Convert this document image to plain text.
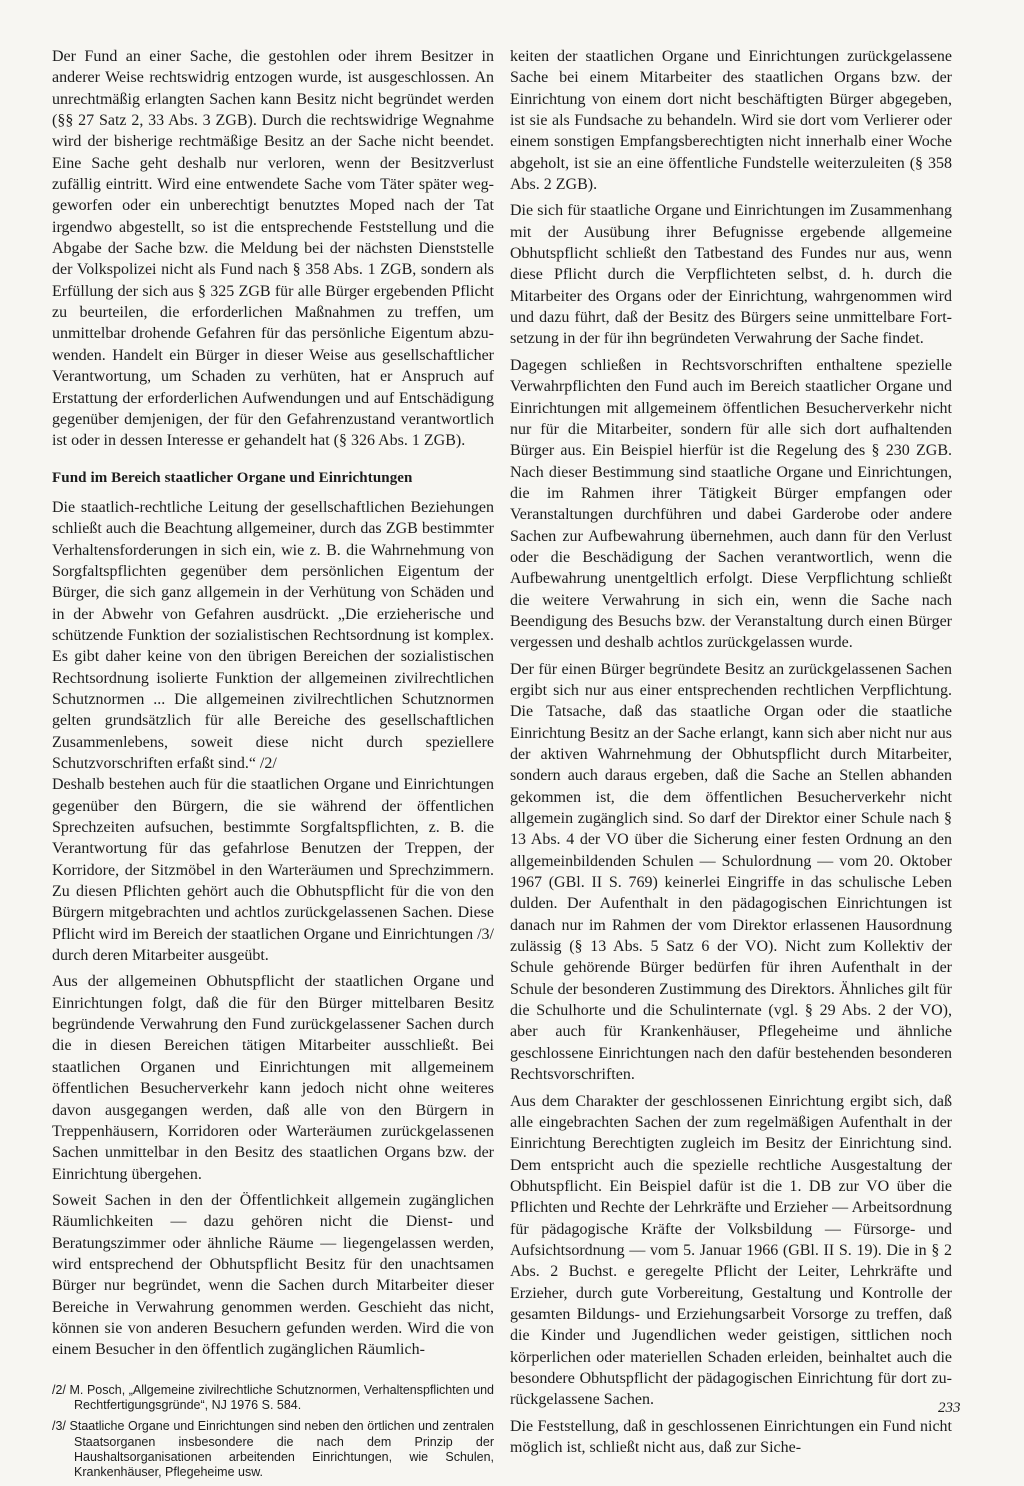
Der Fund an einer Sache, die gestohlen oder ihrem Besitzer in anderer Weise rechtswidrig entzogen wurde, ist ausgeschlossen. An unrechtmäßig erlangten Sachen kann Besitz nicht begründet werden (§§ 27 Satz 2, 33 Abs. 3 ZGB). Durch die rechtswidrige Wegnahme wird der bisherige rechtmäßige Besitz an der Sache nicht beendet. Eine Sache geht deshalb nur verloren, wenn der Besitzverlust zufällig eintritt. Wird eine entwendete Sache vom Täter später weggeworfen oder ein unberechtigt benutztes Moped nach der Tat irgendwo abgestellt, so ist die entsprechende Feststellung und die Abgabe der Sache bzw. die Meldung bei der nächsten Dienststelle der Volkspolizei nicht als Fund nach § 358 Abs. 1 ZGB, sondern als Erfüllung der sich aus § 325 ZGB für alle Bürger ergebenden Pflicht zu beurteilen, die erforderlichen Maßnahmen zu treffen, um unmittelbar drohende Gefahren für das persönliche Eigentum abzuwenden. Handelt ein Bürger in dieser Weise aus gesellschaftlicher Verantwortung, um Schaden zu verhüten, hat er Anspruch auf Erstattung der erforderlichen Aufwendungen und auf Entschädigung gegenüber demjenigen, der für den Gefahrenzustand verantwortlich ist oder in dessen Interesse er gehandelt hat (§ 326 Abs. 1 ZGB).

Fund im Bereich staatlicher Organe und Einrichtungen

Die staatlich-rechtliche Leitung der gesellschaftlichen Beziehungen schließt auch die Beachtung allgemeiner, durch das ZGB bestimmter Verhaltensforderungen in sich ein, wie z. B. die Wahrnehmung von Sorgfaltspflichten gegenüber dem persönlichen Eigentum der Bürger, die sich ganz allgemein in der Verhütung von Schäden und in der Abwehr von Gefahren ausdrückt. „Die erzieherische und schützende Funktion der sozialistischen Rechtsordnung ist komplex. Es gibt daher keine von den übrigen Bereichen der sozialistischen Rechtsordnung isolierte Funktion der allgemeinen zivilrechtlichen Schutznormen ... Die allgemeinen zivilrechtlichen Schutznormen gelten grundsätzlich für alle Bereiche des gesellschaftlichen Zusammenlebens, soweit diese nicht durch speziellere Schutzvorschriften erfaßt sind.“ /2/

Deshalb bestehen auch für die staatlichen Organe und Einrichtungen gegenüber den Bürgern, die sie während der öffentlichen Sprechzeiten aufsuchen, bestimmte Sorgfaltspflichten, z. B. die Verantwortung für das gefahrlose Benutzen der Treppen, der Korridore, der Sitzmöbel in den Warteräumen und Sprechzimmern. Zu diesen Pflichten gehört auch die Obhutspflicht für die von den Bürgern mitgebrachten und achtlos zurückgelassenen Sachen. Diese Pflicht wird im Bereich der staatlichen Organe und Einrichtungen /3/ durch deren Mitarbeiter ausgeübt.

Aus der allgemeinen Obhutspflicht der staatlichen Organe und Einrichtungen folgt, daß die für den Bürger mittelbaren Besitz begründende Verwahrung den Fund zurückgelassener Sachen durch die in diesen Bereichen tätigen Mitarbeiter ausschließt. Bei staatlichen Organen und Einrichtungen mit allgemeinem öffentlichen Besucherverkehr kann jedoch nicht ohne weiteres davon ausgegangen werden, daß alle von den Bürgern in Treppenhäusern, Korridoren oder Warteräumen zurückgelassenen Sachen unmittelbar in den Besitz des staatlichen Organs bzw. der Einrichtung übergehen.

Soweit Sachen in den der Öffentlichkeit allgemein zugänglichen Räumlichkeiten — dazu gehören nicht die Dienst- und Beratungszimmer oder ähnliche Räume — liegengelassen werden, wird entsprechend der Obhutspflicht Besitz für den unachtsamen Bürger nur begründet, wenn die Sachen durch Mitarbeiter dieser Bereiche in Verwahrung genommen werden. Geschieht das nicht, können sie von anderen Besuchern gefunden werden. Wird die von einem Besucher in den öffentlich zugänglichen Räumlich-

/2/ M. Posch, „Allgemeine zivilrechtliche Schutznormen, Verhaltenspflichten und Rechtfertigungsgründe“, NJ 1976 S. 584.

/3/ Staatliche Organe und Einrichtungen sind neben den örtlichen und zentralen Staatsorganen insbesondere die nach dem Prinzip der Haushaltsorganisationen arbeitenden Einrichtungen, wie Schulen, Krankenhäuser, Pflegeheime usw.

keiten der staatlichen Organe und Einrichtungen zurückgelassene Sache bei einem Mitarbeiter des staatlichen Organs bzw. der Einrichtung von einem dort nicht beschäftigten Bürger abgegeben, ist sie als Fundsache zu behandeln. Wird sie dort vom Verlierer oder einem sonstigen Empfangsberechtigten nicht innerhalb einer Woche abgeholt, ist sie an eine öffentliche Fundstelle weiterzuleiten (§ 358 Abs. 2 ZGB).

Die sich für staatliche Organe und Einrichtungen im Zusammenhang mit der Ausübung ihrer Befugnisse ergebende allgemeine Obhutspflicht schließt den Tatbestand des Fundes nur aus, wenn diese Pflicht durch die Verpflichteten selbst, d. h. durch die Mitarbeiter des Organs oder der Einrichtung, wahrgenommen wird und dazu führt, daß der Besitz des Bürgers seine unmittelbare Fortsetzung in der für ihn begründeten Verwahrung der Sache findet.

Dagegen schließen in Rechtsvorschriften enthaltene spezielle Verwahrpflichten den Fund auch im Bereich staatlicher Organe und Einrichtungen mit allgemeinem öffentlichen Besucherverkehr nicht nur für die Mitarbeiter, sondern für alle sich dort aufhaltenden Bürger aus. Ein Beispiel hierfür ist die Regelung des § 230 ZGB. Nach dieser Bestimmung sind staatliche Organe und Einrichtungen, die im Rahmen ihrer Tätigkeit Bürger empfangen oder Veranstaltungen durchführen und dabei Garderobe oder andere Sachen zur Aufbewahrung übernehmen, auch dann für den Verlust oder die Beschädigung der Sachen verantwortlich, wenn die Aufbewahrung unentgeltlich erfolgt. Diese Verpflichtung schließt die weitere Verwahrung in sich ein, wenn die Sache nach Beendigung des Besuchs bzw. der Veranstaltung durch einen Bürger vergessen und deshalb achtlos zurückgelassen wurde.

Der für einen Bürger begründete Besitz an zurückgelassenen Sachen ergibt sich nur aus einer entsprechenden rechtlichen Verpflichtung. Die Tatsache, daß das staatliche Organ oder die staatliche Einrichtung Besitz an der Sache erlangt, kann sich aber nicht nur aus der aktiven Wahrnehmung der Obhutspflicht durch Mitarbeiter, sondern auch daraus ergeben, daß die Sache an Stellen abhanden gekommen ist, die dem öffentlichen Besucherverkehr nicht allgemein zugänglich sind. So darf der Direktor einer Schule nach § 13 Abs. 4 der VO über die Sicherung einer festen Ordnung an den allgemeinbildenden Schulen — Schulordnung — vom 20. Oktober 1967 (GBl. II S. 769) keinerlei Eingriffe in das schulische Leben dulden. Der Aufenthalt in den pädagogischen Einrichtungen ist danach nur im Rahmen der vom Direktor erlassenen Hausordnung zulässig (§ 13 Abs. 5 Satz 6 der VO). Nicht zum Kollektiv der Schule gehörende Bürger bedürfen für ihren Aufenthalt in der Schule der besonderen Zustimmung des Direktors. Ähnliches gilt für die Schulhorte und die Schulinternate (vgl. § 29 Abs. 2 der VO), aber auch für Krankenhäuser, Pflegeheime und ähnliche geschlossene Einrichtungen nach den dafür bestehenden besonderen Rechtsvorschriften.

Aus dem Charakter der geschlossenen Einrichtung ergibt sich, daß alle eingebrachten Sachen der zum regelmäßigen Aufenthalt in der Einrichtung Berechtigten zugleich im Besitz der Einrichtung sind. Dem entspricht auch die spezielle rechtliche Ausgestaltung der Obhutspflicht. Ein Beispiel dafür ist die 1. DB zur VO über die Pflichten und Rechte der Lehrkräfte und Erzieher — Arbeitsordnung für pädagogische Kräfte der Volksbildung — Fürsorge- und Aufsichtsordnung — vom 5. Januar 1966 (GBl. II S. 19). Die in § 2 Abs. 2 Buchst. e geregelte Pflicht der Leiter, Lehrkräfte und Erzieher, durch gute Vorbereitung, Gestaltung und Kontrolle der gesamten Bildungs- und Erziehungsarbeit Vorsorge zu treffen, daß die Kinder und Jugendlichen weder geistigen, sittlichen noch körperlichen oder materiellen Schaden erleiden, beinhaltet auch die besondere Obhutspflicht der pädagogischen Einrichtung für dort zurückgelassene Sachen.

Die Feststellung, daß in geschlossenen Einrichtungen ein Fund nicht möglich ist, schließt nicht aus, daß zur Siche-

233
